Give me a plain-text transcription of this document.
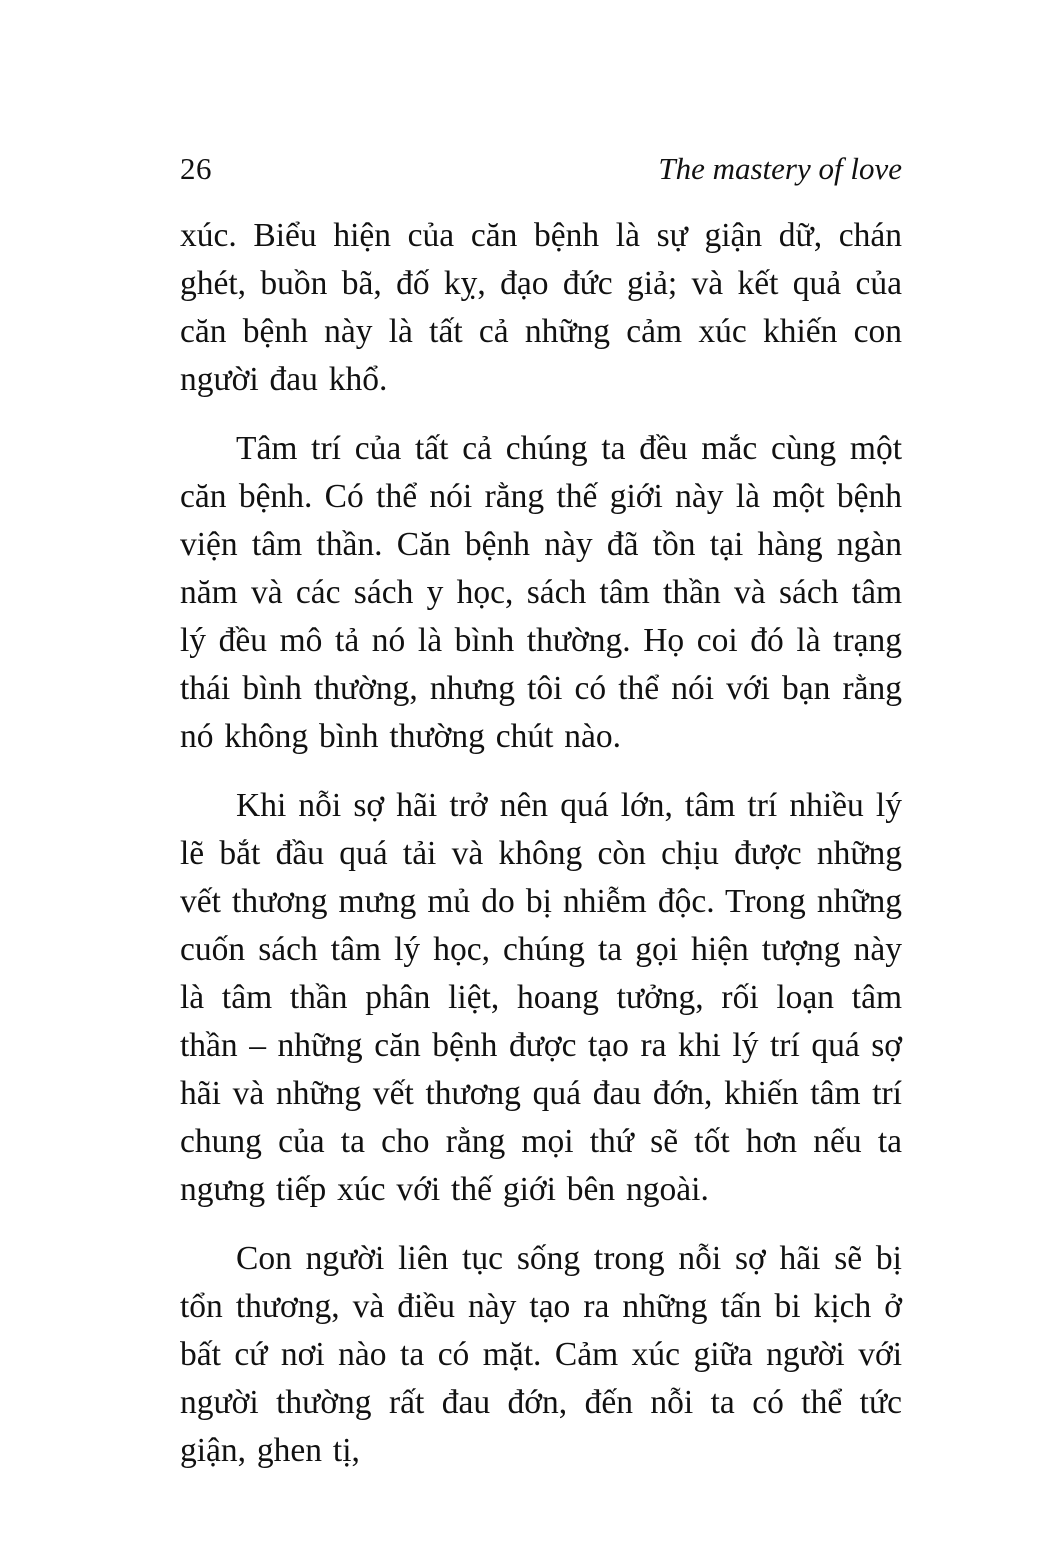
26	The mastery of love

xúc. Biểu hiện của căn bệnh là sự giận dữ, chán ghét, buồn bã, đố kỵ, đạo đức giả; và kết quả của căn bệnh này là tất cả những cảm xúc khiến con người đau khổ.

Tâm trí của tất cả chúng ta đều mắc cùng một căn bệnh. Có thể nói rằng thế giới này là một bệnh viện tâm thần. Căn bệnh này đã tồn tại hàng ngàn năm và các sách y học, sách tâm thần và sách tâm lý đều mô tả nó là bình thường. Họ coi đó là trạng thái bình thường, nhưng tôi có thể nói với bạn rằng nó không bình thường chút nào.

Khi nỗi sợ hãi trở nên quá lớn, tâm trí nhiều lý lẽ bắt đầu quá tải và không còn chịu được những vết thương mưng mủ do bị nhiễm độc. Trong những cuốn sách tâm lý học, chúng ta gọi hiện tượng này là tâm thần phân liệt, hoang tưởng, rối loạn tâm thần – những căn bệnh được tạo ra khi lý trí quá sợ hãi và những vết thương quá đau đớn, khiến tâm trí chung của ta cho rằng mọi thứ sẽ tốt hơn nếu ta ngưng tiếp xúc với thế giới bên ngoài.

Con người liên tục sống trong nỗi sợ hãi sẽ bị tổn thương, và điều này tạo ra những tấn bi kịch ở bất cứ nơi nào ta có mặt. Cảm xúc giữa người với người thường rất đau đớn, đến nỗi ta có thể tức giận, ghen tị,
